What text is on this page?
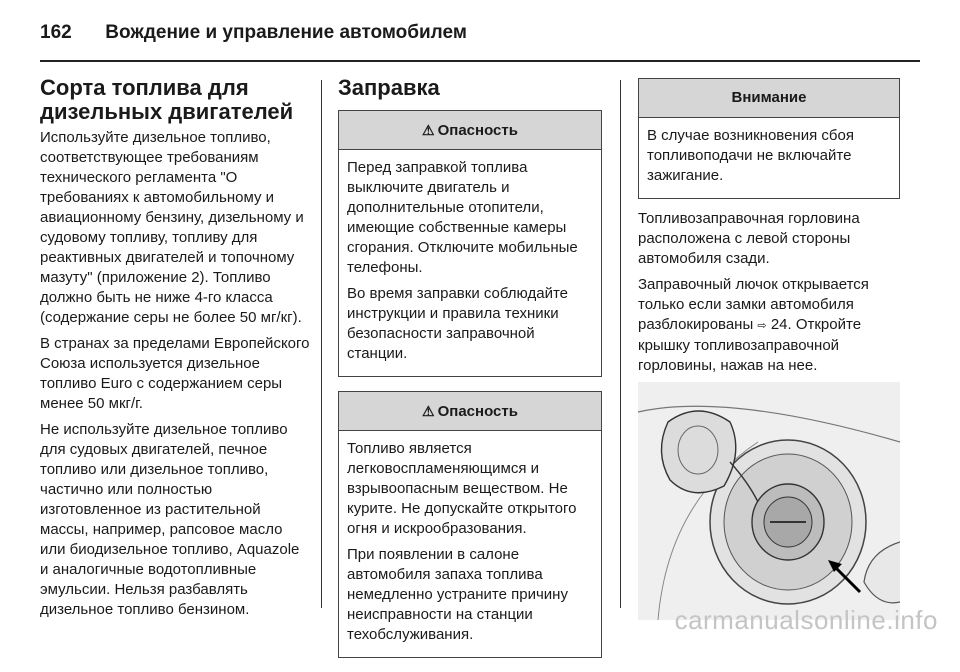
162 Вождение и управление автомобилем
Сорта топлива для дизельных двигателей

Используйте дизельное топливо, соответствующее требованиям технического регламента "О требованиях к автомобильному и авиационному бензину, дизельному и судовому топливу, топливу для реактивных двигателей и топочному мазуту" (приложение 2). Топливо должно быть не ниже 4-го класса (содержание серы не более 50 мг/кг).

В странах за пределами Европейского Союза используется дизельное топливо Euro с содержанием серы менее 50 мкг/г.

Не используйте дизельное топливо для судовых двигателей, печное топливо или дизельное топливо, частично или полностью изготовленное из растительной массы, например, рапсовое масло или биодизельное топливо, Aquazole и аналогичные водотопливные эмульсии. Нельзя разбавлять дизельное топливо бензином.

Заправка
⚠ Опасность

Перед заправкой топлива выключите двигатель и дополнительные отопители, имеющие собственные камеры сгорания. Отключите мобильные телефоны.

Во время заправки соблюдайте инструкции и правила техники безопасности заправочной станции.

⚠ Опасность

Топливо является легковоспламеняющимся и взрывоопасным веществом. Не курите. Не допускайте открытого огня и искрообразования.

При появлении в салоне автомобиля запаха топлива немедленно устраните причину неисправности на станции техобслуживания.

Внимание

В случае возникновения сбоя топливоподачи не включайте зажигание.

Топливозаправочная горловина расположена с левой стороны автомобиля сзади.

Заправочный лючок открывается только если замки автомобиля разблокированы ⇨ 24. Откройте крышку топливозаправочной горловины, нажав на нее.

carmanualsonline.info
